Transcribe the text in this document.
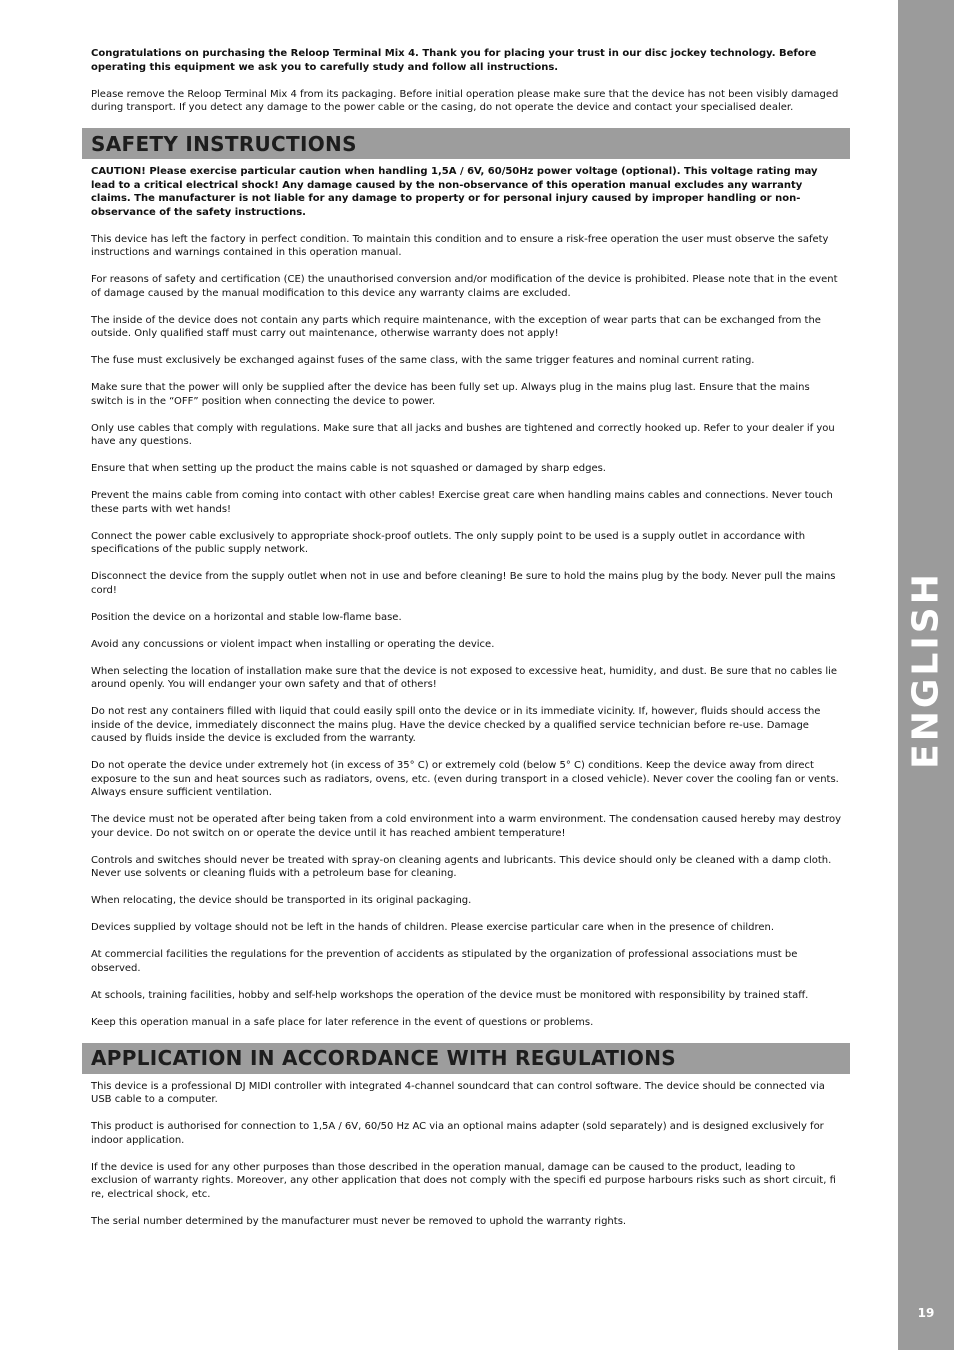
ENGLISH
19

Congratulations on purchasing the Reloop Terminal Mix 4. Thank you for placing your trust in our disc jockey technology. Before operating this equipment we ask you to carefully study and follow all instructions.

Please remove the Reloop Terminal Mix 4 from its packaging. Before initial operation please make sure that the device has not been visibly damaged during transport. If you detect any damage to the power cable or the casing, do not operate the device and contact your specialised dealer.

SAFETY INSTRUCTIONS

CAUTION! Please exercise particular caution when handling 1,5A / 6V, 60/50Hz power voltage (optional). This voltage rating may lead to a critical electrical shock! Any damage caused by the non-observance of this operation manual excludes any warranty claims. The manufacturer is not liable for any damage to property or for personal injury caused by improper handling or non-observance of the safety instructions.

This device has left the factory in perfect condition. To maintain this condition and to ensure a risk-free operation the user must observe the safety instructions and warnings contained in this operation manual.

For reasons of safety and certification (CE) the unauthorised conversion and/or modification of the device is prohibited. Please note that in the event of damage caused by the manual modification to this device any warranty claims are excluded.

The inside of the device does not contain any parts which require maintenance, with the exception of wear parts that can be exchanged from the outside. Only qualified staff must carry out maintenance, otherwise warranty does not apply!

The fuse must exclusively be exchanged against fuses of the same class, with the same trigger features and nominal current rating.

Make sure that the power will only be supplied after the device has been fully set up. Always plug in the mains plug last. Ensure that the mains switch is in the “OFF” position when connecting the device to power.

Only use cables that comply with regulations. Make sure that all jacks and bushes are tightened and correctly hooked up. Refer to your dealer if you have any questions.

Ensure that when setting up the product the mains cable is not squashed or damaged by sharp edges.

Prevent the mains cable from coming into contact with other cables! Exercise great care when handling mains cables and connections. Never touch these parts with wet hands!

Connect the power cable exclusively to appropriate shock-proof outlets. The only supply point to be used is a supply outlet in accordance with specifications of the public supply network.

Disconnect the device from the supply outlet when not in use and before cleaning! Be sure to hold the mains plug by the body. Never pull the mains cord!

Position the device on a horizontal and stable low-flame base.

Avoid any concussions or violent impact when installing or operating the device.

When selecting the location of installation make sure that the device is not exposed to excessive heat, humidity, and dust. Be sure that no cables lie around openly. You will endanger your own safety and that of others!

Do not rest any containers filled with liquid that could easily spill onto the device or in its immediate vicinity. If, however, fluids should access the inside of the device, immediately disconnect the mains plug. Have the device checked by a qualified service technician before re-use. Damage caused by fluids inside the device is excluded from the warranty.

Do not operate the device under extremely hot (in excess of 35° C) or extremely cold (below 5° C) conditions. Keep the device away from direct exposure to the sun and heat sources such as radiators, ovens, etc. (even during transport in a closed vehicle). Never cover the cooling fan or vents. Always ensure sufficient ventilation.

The device must not be operated after being taken from a cold environment into a warm environment. The condensation caused hereby may destroy your device. Do not switch on or operate the device until it has reached ambient temperature!

Controls and switches should never be treated with spray-on cleaning agents and lubricants. This device should only be cleaned with a damp cloth. Never use solvents or cleaning fluids with a petroleum base for cleaning.

When relocating, the device should be transported in its original packaging.

Devices supplied by voltage should not be left in the hands of children. Please exercise particular care when in the presence of children.

At commercial facilities the regulations for the prevention of accidents as stipulated by the organization of professional associations must be observed.

At schools, training facilities, hobby and self-help workshops the operation of the device must be monitored with responsibility by trained staff.

Keep this operation manual in a safe place for later reference in the event of questions or problems.

APPLICATION IN ACCORDANCE WITH REGULATIONS

This device is a professional DJ MIDI controller with integrated 4-channel soundcard that can control software. The device should be connected via USB cable to a computer.

This product is authorised for connection to 1,5A / 6V, 60/50 Hz AC via an optional mains adapter (sold separately) and is designed exclusively for indoor application.

If the device is used for any other purposes than those described in the operation manual, damage can be caused to the product, leading to exclusion of warranty rights. Moreover, any other application that does not comply with the specifi ed purpose harbours risks such as short circuit, fi re, electrical shock, etc.

The serial number determined by the manufacturer must never be removed to uphold the warranty rights.
